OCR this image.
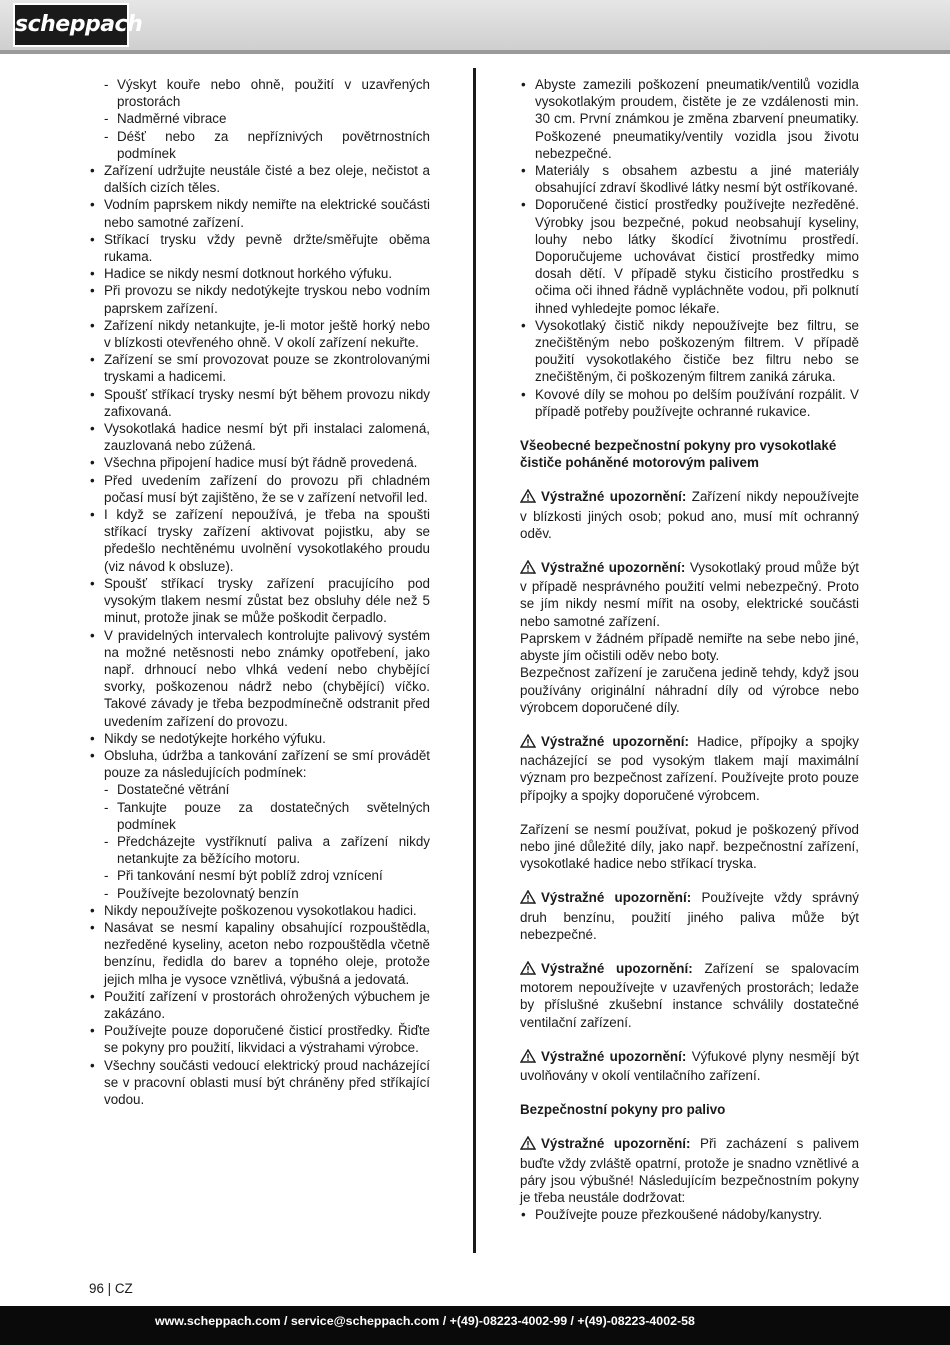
scheppach
- Výskyt kouře nebo ohně, použití v uzavřených prostorách
- Nadměrné vibrace
- Déšť nebo za nepříznivých povětrnostních podmínek
• Zařízení udržujte neustále čisté a bez oleje, nečistot a dalších cizích těles.
• Vodním paprskem nikdy nemiřte na elektrické součásti nebo samotné zařízení.
• Stříkací trysku vždy pevně držte/směřujte oběma rukama.
• Hadice se nikdy nesmí dotknout horkého výfuku.
• Při provozu se nikdy nedotýkejte tryskou nebo vodním paprskem zařízení.
• Zařízení nikdy netankujte, je-li motor ještě horký nebo v blízkosti otevřeného ohně. V okolí zařízení nekuřte.
• Zařízení se smí provozovat pouze se zkontrolovanými tryskami a hadicemi.
• Spoušť stříkací trysky nesmí být během provozu nikdy zafixovaná.
• Vysokotlaká hadice nesmí být při instalaci zalomená, zauzlovaná nebo zúžená.
• Všechna připojení hadice musí být řádně provedená.
• Před uvedením zařízení do provozu při chladném počasí musí být zajištěno, že se v zařízení netvořil led.
• I když se zařízení nepoužívá, je třeba na spoušti stříkací trysky zařízení aktivovat pojistku, aby se předešlo nechtěnému uvolnění vysokotlakého proudu (viz návod k obsluze).
• Spoušť stříkací trysky zařízení pracujícího pod vysokým tlakem nesmí zůstat bez obsluhy déle než 5 minut, protože jinak se může poškodit čerpadlo.
• V pravidelných intervalech kontrolujte palivový systém na možné netěsnosti nebo známky opotřebení, jako např. drhnoucí nebo vlhká vedení nebo chybějící svorky, poškozenou nádrž nebo (chybějící) víčko. Takové závady je třeba bezpodmínečně odstranit před uvedením zařízení do provozu.
• Nikdy se nedotýkejte horkého výfuku.
• Obsluha, údržba a tankování zařízení se smí provádět pouze za následujících podmínek:
- Dostatečné větrání
- Tankujte pouze za dostatečných světelných podmínek
- Předcházejte vystříknutí paliva a zařízení nikdy netankujte za běžícího motoru.
- Při tankování nesmí být poblíž zdroj vznícení
- Používejte bezolovnatý benzín
• Nikdy nepoužívejte poškozenou vysokotlakou hadici.
• Nasávat se nesmí kapaliny obsahující rozpouštědla, nezředěné kyseliny, aceton nebo rozpouštědla včetně benzínu, ředidla do barev a topného oleje, protože jejich mlha je vysoce vznětlivá, výbušná a jedovatá.
• Použití zařízení v prostorách ohrožených výbuchem je zakázáno.
• Používejte pouze doporučené čisticí prostředky. Řiďte se pokyny pro použití, likvidaci a výstrahami výrobce.
• Všechny součásti vedoucí elektrický proud nacházející se v pracovní oblasti musí být chráněny před stříkající vodou.
• Abyste zamezili poškození pneumatik/ventilů vozidla vysokotlakým proudem, čistěte je ze vzdálenosti min. 30 cm. První známkou je změna zbarvení pneumatiky. Poškozené pneumatiky/ventily vozidla jsou životu nebezpečné.
• Materiály s obsahem azbestu a jiné materiály obsahující zdraví škodlivé látky nesmí být ostříkované.
• Doporučené čisticí prostředky používejte nezředěné. Výrobky jsou bezpečné, pokud neobsahují kyseliny, louhy nebo látky škodící životnímu prostředí. Doporučujeme uchovávat čisticí prostředky mimo dosah dětí. V případě styku čisticího prostředku s očima oči ihned řádně vypláchněte vodou, při polknutí ihned vyhledejte pomoc lékaře.
• Vysokotlaký čistič nikdy nepoužívejte bez filtru, se znečištěným nebo poškozeným filtrem. V případě použití vysokotlakého čističe bez filtru nebo se znečištěným, či poškozeným filtrem zaniká záruka.
• Kovové díly se mohou po delším používání rozpálit. V případě potřeby používejte ochranné rukavice.
Všeobecné bezpečnostní pokyny pro vysokotlaké čističe poháněné motorovým palivem
Výstražné upozornění: Zařízení nikdy nepoužívejte v blízkosti jiných osob; pokud ano, musí mít ochranný oděv.
Výstražné upozornění: Vysokotlaký proud může být v případě nesprávného použití velmi nebezpečný. Proto se jím nikdy nesmí mířit na osoby, elektrické součásti nebo samotné zařízení.
Paprskem v žádném případě nemiřte na sebe nebo jiné, abyste jím očistili oděv nebo boty.
Bezpečnost zařízení je zaručena jedině tehdy, když jsou používány originální náhradní díly od výrobce nebo výrobcem doporučené díly.
Výstražné upozornění: Hadice, přípojky a spojky nacházející se pod vysokým tlakem mají maximální význam pro bezpečnost zařízení. Používejte proto pouze přípojky a spojky doporučené výrobcem.
Zařízení se nesmí používat, pokud je poškozený přívod nebo jiné důležité díly, jako např. bezpečnostní zařízení, vysokotlaké hadice nebo stříkací tryska.
Výstražné upozornění: Používejte vždy správný druh benzínu, použití jiného paliva může být nebezpečné.
Výstražné upozornění: Zařízení se spalovacím motorem nepoužívejte v uzavřených prostorách; ledaže by příslušné zkušební instance schválily dostatečné ventilační zařízení.
Výstražné upozornění: Výfukové plyny nesmějí být uvolňovány v okolí ventilačního zařízení.
Bezpečnostní pokyny pro palivo
Výstražné upozornění: Při zacházení s palivem buďte vždy zvláště opatrní, protože je snadno vznětlivé a páry jsou výbušné! Následujícím bezpečnostním pokyny je třeba neustále dodržovat:
• Používejte pouze přezkoušené nádoby/kanystry.
96 | CZ
www.scheppach.com / service@scheppach.com / +(49)-08223-4002-99 / +(49)-08223-4002-58
